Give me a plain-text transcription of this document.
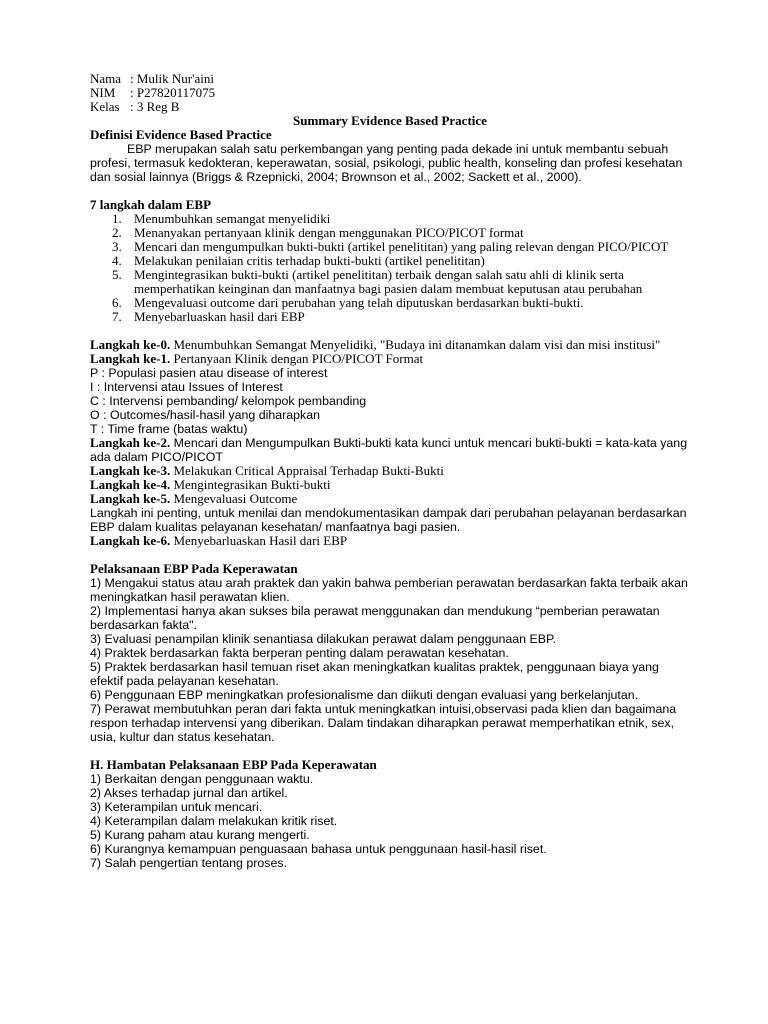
Nama : Mulik Nur'aini
NIM	: P27820117075
Kelas : 3 Reg B

Summary Evidence Based Practice

Definisi Evidence Based Practice

EBP merupakan salah satu perkembangan yang penting pada dekade ini untuk membantu sebuah profesi, termasuk kedokteran, keperawatan, sosial, psikologi, public health, konseling dan profesi kesehatan dan sosial lainnya (Briggs & Rzepnicki, 2004; Brownson et al., 2002; Sackett et al., 2000).

7 langkah dalam EBP

1. Menumbuhkan semangat menyelidiki
2. Menanyakan pertanyaan klinik dengan menggunakan PICO/PICOT format
3. Mencari dan mengumpulkan bukti-bukti (artikel penelititan) yang paling relevan dengan PICO/PICOT
4. Melakukan penilaian critis terhadap bukti-bukti (artikel penelititan)
5. Mengintegrasikan bukti-bukti (artikel penelititan) terbaik dengan salah satu ahli di klinik serta memperhatikan keinginan dan manfaatnya bagi pasien dalam membuat keputusan atau perubahan
6. Mengevaluasi outcome dari perubahan yang telah diputuskan berdasarkan bukti-bukti.
7. Menyebarluaskan hasil dari EBP

Langkah ke-0. Menumbuhkan Semangat Menyelidiki, "Budaya ini ditanamkan dalam visi dan misi institusi"

Langkah ke-1. Pertanyaan Klinik dengan PICO/PICOT Format

P : Populasi pasien atau disease of interest

I : Intervensi atau Issues of Interest

C : Intervensi pembanding/ kelompok pembanding

O : Outcomes/hasil-hasil yang diharapkan

T : Time frame (batas waktu)

Langkah ke-2. Mencari dan Mengumpulkan Bukti-bukti kata kunci untuk mencari bukti-bukti = kata-kata yang ada dalam PICO/PICOT

Langkah ke-3. Melakukan Critical Appraisal Terhadap Bukti-Bukti

Langkah ke-4. Mengintegrasikan Bukti-bukti

Langkah ke-5. Mengevaluasi Outcome

Langkah ini penting, untuk menilai dan mendokumentasikan dampak dari perubahan pelayanan berdasarkan EBP dalam kualitas pelayanan kesehatan/ manfaatnya bagi pasien.

Langkah ke-6. Menyebarluaskan Hasil dari EBP

Pelaksanaan EBP Pada Keperawatan

1) Mengakui status atau arah praktek dan yakin bahwa pemberian perawatan berdasarkan fakta terbaik akan meningkatkan hasil perawatan klien.

2) Implementasi hanya akan sukses bila perawat menggunakan dan mendukung “pemberian perawatan berdasarkan fakta".

3) Evaluasi penampilan klinik senantiasa dilakukan perawat dalam penggunaan EBP.

4) Praktek berdasarkan fakta berperan penting dalam perawatan kesehatan.

5) Praktek berdasarkan hasil temuan riset akan meningkatkan kualitas praktek, penggunaan biaya yang efektif pada pelayanan kesehatan.

6) Penggunaan EBP meningkatkan profesionalisme dan diikuti dengan evaluasi yang berkelanjutan.

7) Perawat membutuhkan peran dari fakta untuk meningkatkan intuisi,observasi pada klien dan bagaimana respon terhadap intervensi yang diberikan. Dalam tindakan diharapkan perawat memperhatikan etnik, sex, usia, kultur dan status kesehatan.

H. Hambatan Pelaksanaan EBP Pada Keperawatan

1) Berkaitan dengan penggunaan waktu.

2) Akses terhadap jurnal dan artikel.

3) Keterampilan untuk mencari.

4) Keterampilan dalam melakukan kritik riset.

5) Kurang paham atau kurang mengerti.

6) Kurangnya kemampuan penguasaan bahasa untuk penggunaan hasil-hasil riset.

7) Salah pengertian tentang proses.
